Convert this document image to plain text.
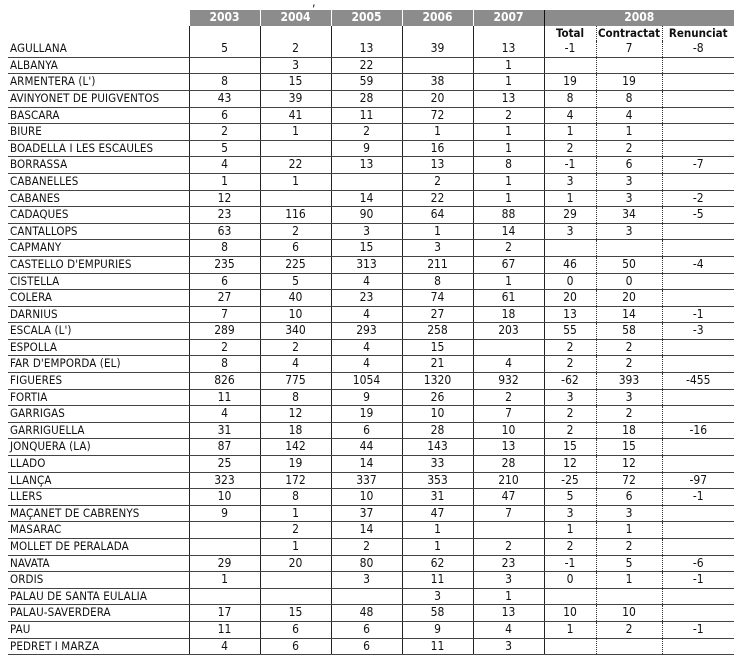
‚
	2003	2004	2005	2006	2007	2008		
						Total	Contractat	Renunciat
AGULLANA	5	2	13	39	13	-1	7	-8
ALBANYA		3	22		1			
ARMENTERA (L')	8	15	59	38	1	19	19	
AVINYONET DE PUIGVENTOS	43	39	28	20	13	8	8	
BASCARA	6	41	11	72	2	4	4	
BIURE	2	1	2	1	1	1	1	
BOADELLA I LES ESCAULES	5		9	16	1	2	2	
BORRASSA	4	22	13	13	8	-1	6	-7
CABANELLES	1	1		2	1	3	3	
CABANES	12		14	22	1	1	3	-2
CADAQUES	23	116	90	64	88	29	34	-5
CANTALLOPS	63	2	3	1	14	3	3	
CAPMANY	8	6	15	3	2			
CASTELLO D'EMPURIES	235	225	313	211	67	46	50	-4
CISTELLA	6	5	4	8	1	0	0	
COLERA	27	40	23	74	61	20	20	
DARNIUS	7	10	4	27	18	13	14	-1
ESCALA (L')	289	340	293	258	203	55	58	-3
ESPOLLA	2	2	4	15		2	2	
FAR D'EMPORDA (EL)	8	4	4	21	4	2	2	
FIGUERES	826	775	1054	1320	932	-62	393	-455
FORTIA	11	8	9	26	2	3	3	
GARRIGAS	4	12	19	10	7	2	2	
GARRIGUELLA	31	18	6	28	10	2	18	-16
JONQUERA (LA)	87	142	44	143	13	15	15	
LLADO	25	19	14	33	28	12	12	
LLANÇA	323	172	337	353	210	-25	72	-97
LLERS	10	8	10	31	47	5	6	-1
MAÇANET DE CABRENYS	9	1	37	47	7	3	3	
MASARAC		2	14	1		1	1	
MOLLET DE PERALADA		1	2	1	2	2	2	
NAVATA	29	20	80	62	23	-1	5	-6
ORDIS	1		3	11	3	0	1	-1
PALAU DE SANTA EULALIA				3	1			
PALAU-SAVERDERA	17	15	48	58	13	10	10	
PAU	11	6	6	9	4	1	2	-1
PEDRET I MARZA	4	6	6	11	3			
